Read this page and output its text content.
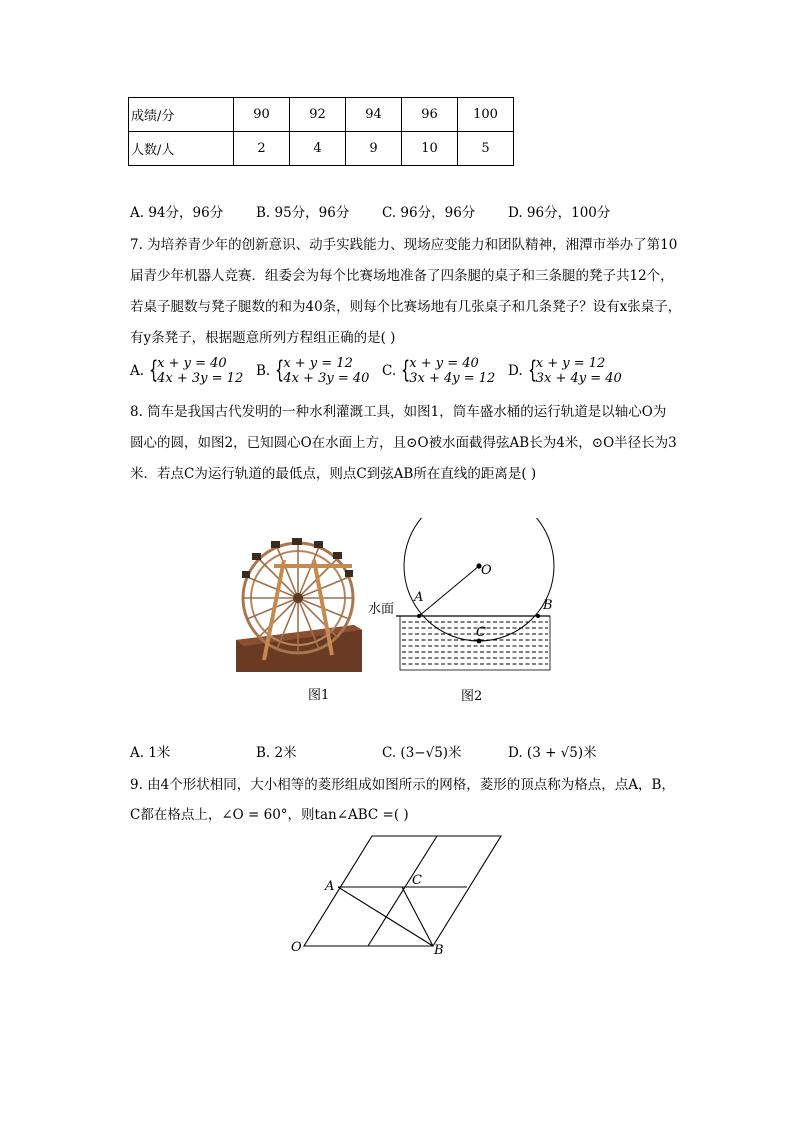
成绩/分	90	92	94	96	100
人数/人	2	4	9	10	5
A. 94分，96分 B. 95分，96分 C. 96分，96分 D. 96分，100分
7. 为培养青少年的创新意识、动手实践能力、现场应变能力和团队精神，湘潭市举办了第10
届青少年机器人竞赛．组委会为每个比赛场地准备了四条腿的桌子和三条腿的凳子共12个，
若桌子腿数与凳子腿数的和为40条，则每个比赛场地有几张桌子和几条凳子？设有x张桌子，
有y条凳子，根据题意所列方程组正确的是( )
A. {
x + y = 40
4x + 3y = 12 B. {
x + y = 12
4x + 3y = 40 C. {
x + y = 40
3x + 4y = 12 D. {
x + y = 12
3x + 4y = 40
8. 筒车是我国古代发明的一种水利灌溉工具，如图1，筒车盛水桶的运行轨道是以轴心O为
圆心的圆，如图2，已知圆心O在水面上方，且⊙O被水面截得弦AB长为4米，⊙O半径长为3
米．若点C为运行轨道的最低点，则点C到弦AB所在直线的距离是( )
图1
O
A
B
C
水面
图2
A. 1米	B. 2米	C. (3−√5)米	D. (3 + √5)米
9. 由4个形状相同，大小相等的菱形组成如图所示的网格，菱形的顶点称为格点，点A，B，
C都在格点上，∠O = 60°，则tan∠ABC =( )
O
A
B
C
